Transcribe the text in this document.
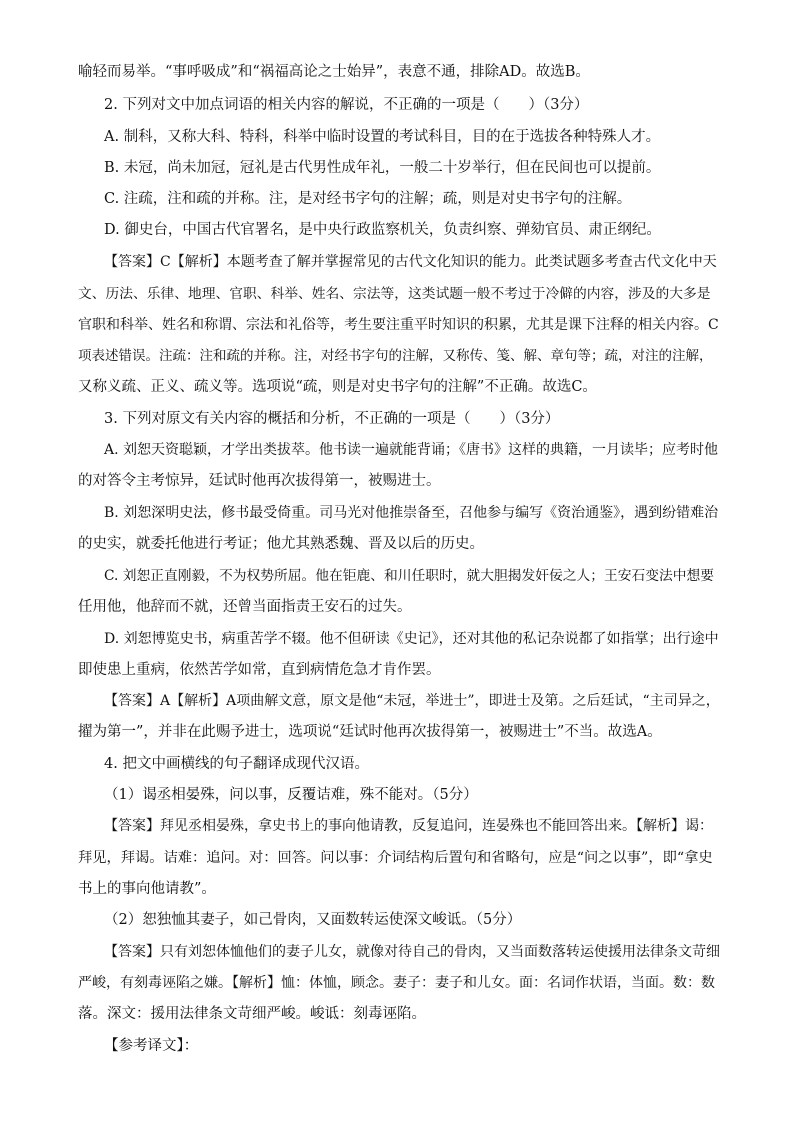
喻轻而易举。“事呼吸成”和“祸福高论之士始异”，表意不通，排除AD。故选B。
2. 下列对文中加点词语的相关内容的解说，不正确的一项是（　　）（3分）
A. 制科，又称大科、特科，科举中临时设置的考试科目，目的在于选拔各种特殊人才。
B. 未冠，尚未加冠，冠礼是古代男性成年礼，一般二十岁举行，但在民间也可以提前。
C. 注疏，注和疏的并称。注，是对经书字句的注解；疏，则是对史书字句的注解。
D. 御史台，中国古代官署名，是中央行政监察机关，负责纠察、弹劾官员、肃正纲纪。
【答案】C【解析】本题考查了解并掌握常见的古代文化知识的能力。此类试题多考查古代文化中天
文、历法、乐律、地理、官职、科举、姓名、宗法等，这类试题一般不考过于冷僻的内容，涉及的大多是
官职和科举、姓名和称谓、宗法和礼俗等，考生要注重平时知识的积累，尤其是课下注释的相关内容。C
项表述错误。注疏：注和疏的并称。注，对经书字句的注解，又称传、笺、解、章句等；疏，对注的注解，
又称义疏、正义、疏义等。选项说“疏，则是对史书字句的注解”不正确。故选C。
3. 下列对原文有关内容的概括和分析，不正确的一项是（　　）（3分）
A. 刘恕天资聪颖，才学出类拔萃。他书读一遍就能背诵；《唐书》这样的典籍，一月读毕；应考时他
的对答令主考惊异，廷试时他再次拔得第一，被赐进士。
B. 刘恕深明史法，修书最受倚重。司马光对他推崇备至，召他参与编写《资治通鉴》，遇到纷错难治
的史实，就委托他进行考证；他尤其熟悉魏、晋及以后的历史。
C. 刘恕正直刚毅，不为权势所屈。他在钜鹿、和川任职时，就大胆揭发奸佞之人；王安石变法中想要
任用他，他辞而不就，还曾当面指责王安石的过失。
D. 刘恕博览史书，病重苦学不辍。他不但研读《史记》，还对其他的私记杂说都了如指掌；出行途中
即使患上重病，依然苦学如常，直到病情危急才肯作罢。
【答案】A【解析】A项曲解文意，原文是他“未冠，举进士”，即进士及第。之后廷试，“主司异之，
擢为第一”，并非在此赐予进士，选项说“廷试时他再次拔得第一，被赐进士”不当。故选A。
4. 把文中画横线的句子翻译成现代汉语。
（1）谒丞相晏殊，问以事，反覆诘难，殊不能对。（5分）
【答案】拜见丞相晏殊，拿史书上的事向他请教，反复追问，连晏殊也不能回答出来。【解析】谒：
拜见，拜谒。诘难：追问。对：回答。问以事：介词结构后置句和省略句，应是“问之以事”，即“拿史
书上的事向他请教”。
（2）恕独恤其妻子，如己骨肉，又面数转运使深文峻诋。（5分）
【答案】只有刘恕体恤他们的妻子儿女，就像对待自己的骨肉，又当面数落转运使援用法律条文苛细
严峻，有刻毒诬陷之嫌。【解析】恤：体恤，顾念。妻子：妻子和儿女。面：名词作状语，当面。数：数
落。深文：援用法律条文苛细严峻。峻诋：刻毒诬陷。
【参考译文】：
